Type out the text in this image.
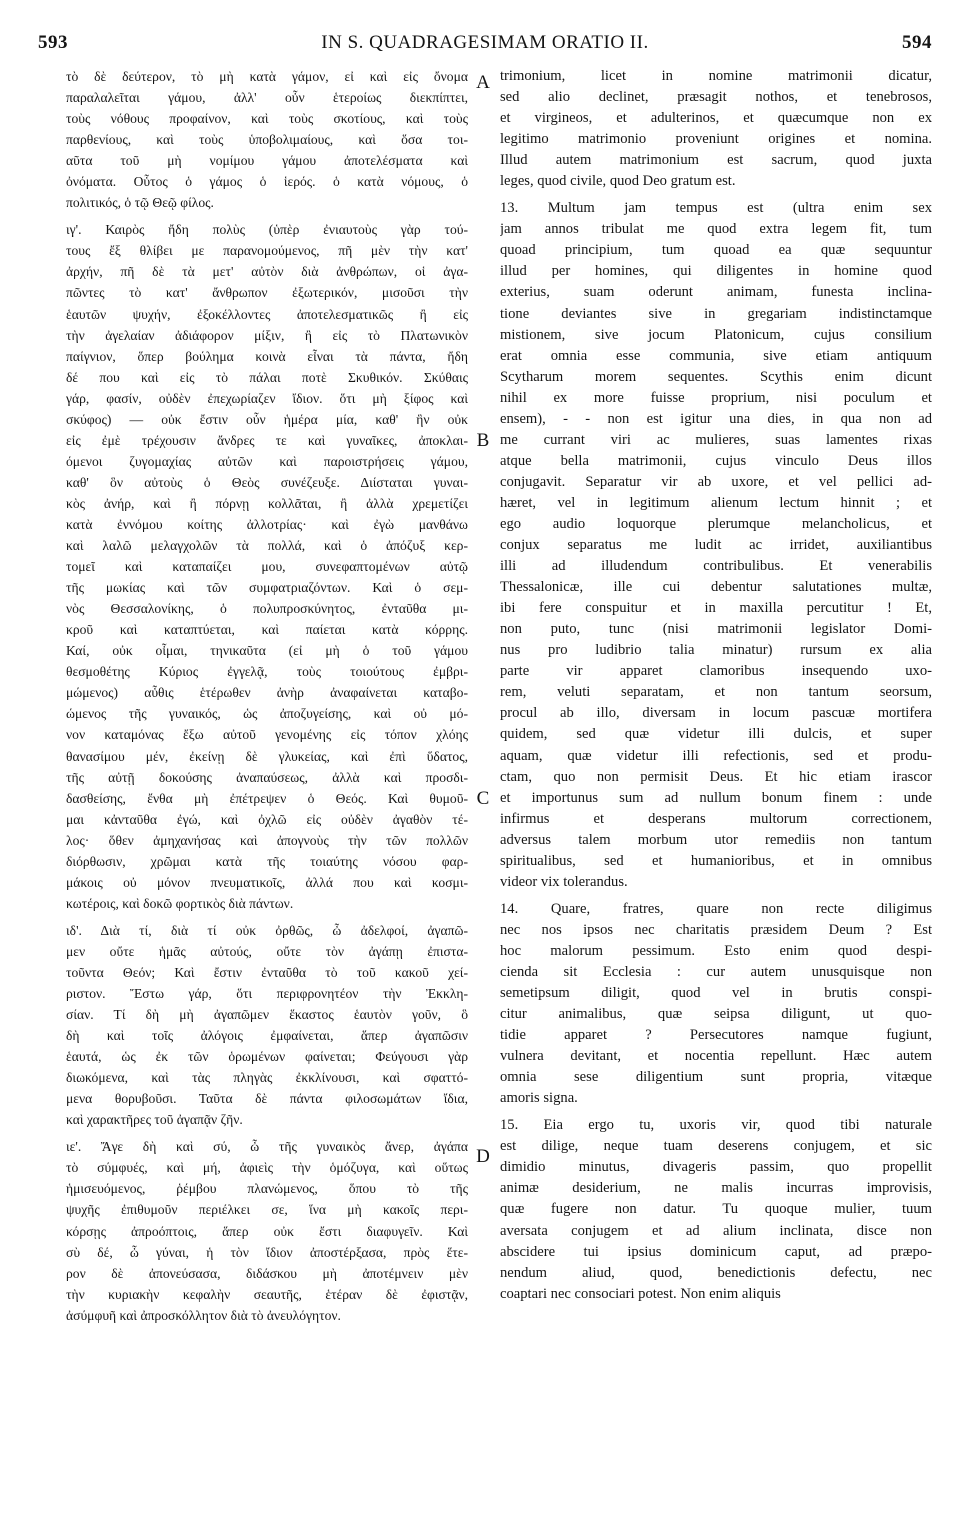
593	IN S. QUADRAGESIMAM ORATIO II.	594
τὸ δὲ δεύτερον, τὸ μὴ κατὰ γάμον, εἰ καὶ εἰς ὄνομα
παραλαλεῖται γάμου, ἀλλ' οὖν ἑτεροίως διεκπίπτει,
τοὺς νόθους προφαίνον, καὶ τοὺς σκοτίους, καὶ τοὺς
παρθενίους, καὶ τοὺς ὑποβολιμαίους, καὶ ὅσα τοι-
αῦτα τοῦ μὴ νομίμου γάμου ἀποτελέσματα καὶ
ὀνόματα. Οὗτος ὁ γάμος ὁ ἱερός. ὁ κατὰ νόμους, ὁ
πολιτικός, ὁ τῷ Θεῷ φίλος.
ιγ'. Καιρὸς ἤδη πολὺς (ὑπὲρ ἐνιαυτοὺς γὰρ τού-
τους ἔξ θλίβει με παρανομούμενος, πῆ μὲν τὴν κατ'
ἀρχήν, πῆ δὲ τὰ μετ' αὐτὸν διὰ ἀνθρώπων, οἱ ἀγα-
πῶντες τὸ κατ' ἄνθρωπον ἐξωτερικόν, μισοῦσι τὴν
ἑαυτῶν ψυχήν, ἐξοκέλλοντες ἀποτελεσματικῶς ἢ εἰς
τὴν ἀγελαίαν ἀδιάφορον μίξιν, ἢ εἰς τὸ Πλατωνικὸν
παίγνιον, ὅπερ βούλημα κοινὰ εἶναι τὰ πάντα, ἤδη
δέ που καὶ εἰς τὸ πάλαι ποτὲ Σκυθικόν. Σκύθαις
γάρ, φασίν, οὐδὲν ἐπεχωρίαζεν ἴδιον. ὅτι μὴ ξίφος καὶ
σκύφος) — οὐκ ἔστιν οὖν ἡμέρα μία, καθ' ἣν οὐκ
εἰς ἐμὲ τρέχουσιν ἄνδρες τε καὶ γυναῖκες, ἀποκλαι-
όμενοι ζυγομαχίας αὐτῶν καὶ παροιστρήσεις γάμου,
καθ' ὃν αὐτοὺς ὁ Θεὸς συνέζευξε. Διίσταται γυναι-
κὸς ἀνήρ, καὶ ἢ πόρνῃ κολλᾶται, ἢ ἀλλὰ χρεμετίζει
κατὰ ἐννόμου κοίτης ἀλλοτρίας· καὶ ἐγὼ μανθάνω
καὶ λαλῶ μελαγχολῶν τὰ πολλά, καὶ ὁ ἀπόζυξ κερ-
τομεῖ καὶ καταπαίζει μου, συνεφαπτομένων αὐτῷ
τῆς μωκίας καὶ τῶν συμφατριαζόντων. Καὶ ὁ σεμ-
νὸς Θεσσαλονίκης, ὁ πολυπροσκύνητος, ἐνταῦθα μι-
κροῦ καὶ καταπτύεται, καὶ παίεται κατὰ κόρρης.
Καί, οὐκ οἶμαι, τηνικαῦτα (εἰ μὴ ὁ τοῦ γάμου
θεσμοθέτης Κύριος ἐγγελᾷ, τοὺς τοιούτους ἐμβρι-
μώμενος) αὖθις ἑτέρωθεν ἀνὴρ ἀναφαίνεται καταβο-
ώμενος τῆς γυναικός, ὡς ἀποζυγείσης, καὶ οὐ μό-
νον καταμόνας ἔξω αὐτοῦ γενομένης εἰς τόπον χλόης
θανασίμου μέν, ἐκείνῃ δὲ γλυκείας, καὶ ἐπὶ ὕδατος,
τῆς αὐτῇ δοκούσης ἀναπαύσεως, ἀλλὰ καὶ προσδι-
δασθείσης, ἔνθα μὴ ἐπέτρεψεν ὁ Θεός. Καὶ θυμοῦ-
μαι κἀνταῦθα ἐγώ, καὶ ὀχλῶ εἰς οὐδὲν ἀγαθὸν τέ-
λος· ὅθεν ἀμηχανήσας καὶ ἀπογνοὺς τὴν τῶν πολλῶν
διόρθωσιν, χρῶμαι κατὰ τῆς τοιαύτης νόσου φαρ-
μάκοις οὐ μόνον πνευματικοῖς, ἀλλά που καὶ κοσμι-
κωτέροις, καὶ δοκῶ φορτικὸς διὰ πάντων.
ιδ'. Διὰ τί, διὰ τί οὐκ ὀρθῶς, ὦ ἀδελφοί, ἀγαπῶ-
μεν οὔτε ἡμᾶς αὐτούς, οὔτε τὸν ἀγάπῃ ἐπιστα-
τοῦντα Θεόν; Καὶ ἔστιν ἐνταῦθα τὸ τοῦ κακοῦ χεί-
ριστον. Ἔστω γάρ, ὅτι περιφρονητέον τὴν Ἐκκλη-
σίαν. Τί δὴ μὴ ἀγαπῶμεν ἕκαστος ἑαυτὸν γοῦν, ὃ
δὴ καὶ τοῖς ἀλόγοις ἐμφαίνεται, ἅπερ ἀγαπῶσιν
ἑαυτά, ὡς ἐκ τῶν ὁρωμένων φαίνεται; Φεύγουσι γὰρ
διωκόμενα, καὶ τὰς πληγὰς ἐκκλίνουσι, καὶ σφαττό-
μενα θορυβοῦσι. Ταῦτα δὲ πάντα φιλοσωμάτων ἴδια,
καὶ χαρακτῆρες τοῦ ἀγαπᾷν ζῆν.
ιε'. Ἄγε δὴ καὶ σύ, ὦ τῆς γυναικὸς ἄνερ, ἀγάπα
τὸ σύμφυές, καὶ μή, ἀφιεὶς τὴν ὁμόζυγα, καὶ οὕτως
ἡμισευόμενος, ῥέμβου πλανώμενος, ὅπου τὸ τῆς
ψυχῆς ἐπιθυμοῦν περιέλκει σε, ἵνα μὴ κακοῖς περι-
κόρσῃς ἀπροόπτοις, ἅπερ οὐκ ἔστι διαφυγεῖν. Καὶ
σὺ δέ, ὦ γύναι, ἡ τὸν ἴδιον ἀποστέρξασα, πρὸς ἕτε-
ρον δὲ ἀπονεύσασα, διδάσκου μὴ ἀποτέμνειν μὲν
τὴν κυριακὴν κεφαλὴν σεαυτῆς, ἑτέραν δὲ ἐφιστᾷν,
ἀσύμφυῆ καὶ ἀπροσκόλλητον διὰ τὸ ἀνευλόγητον.
trimonium, licet in nomine matrimonii dicatur,
sed alio declinet, præsagit nothos, et tenebrosos,
et virgineos, et adulterinos, et quæcumque non ex
legitimo matrimonio proveniunt origines et nomina.
Illud autem matrimonium est sacrum, quod juxta
leges, quod civile, quod Deo gratum est.
13. Multum jam tempus est (ultra enim sex
jam annos tribulat me quod extra legem fit, tum
quoad principium, tum quoad ea quæ sequuntur
illud per homines, qui diligentes in homine quod
exterius, suam oderunt animam, funesta inclina-
tione deviantes sive in gregariam indistinctamque
mistionem, sive jocum Platonicum, cujus consilium
erat omnia esse communia, sive etiam antiquum
Scytharum morem sequentes. Scythis enim dicunt
nihil ex more fuisse proprium, nisi poculum et
ensem), - - non est igitur una dies, in qua non ad
me currant viri ac mulieres, suas lamentes rixas
atque bella matrimonii, cujus vinculo Deus illos
conjugavit. Separatur vir ab uxore, et vel pellici ad-
hæret, vel in legitimum alienum lectum hinnit ; et
ego audio loquorque plerumque melancholicus, et
conjux separatus me ludit ac irridet, auxiliantibus
illi ad illudendum contribulibus. Et venerabilis
Thessalonicæ, ille cui debentur salutationes multæ,
ibi fere conspuitur et in maxilla percutitur ! Et,
non puto, tunc (nisi matrimonii legislator Domi-
nus pro ludibrio talia minatur) rursum ex alia
parte vir apparet clamoribus insequendo uxo-
rem, veluti separatam, et non tantum seorsum,
procul ab illo, diversam in locum pascuæ mortifera
quidem, sed quæ videtur illi dulcis, et super
aquam, quæ videtur illi refectionis, sed et produ-
ctam, quo non permisit Deus. Et hic etiam irascor
et importunus sum ad nullum bonum finem : unde
infirmus et desperans multorum correctionem,
adversus talem morbum utor remediis non tantum
spiritualibus, sed et humanioribus, et in omnibus
videor vix tolerandus.
14. Quare, fratres, quare non recte diligimus
nec nos ipsos nec charitatis præsidem Deum ? Est
hoc malorum pessimum. Esto enim quod despi-
cienda sit Ecclesia : cur autem unusquisque non
semetipsum diligit, quod vel in brutis conspi-
citur animalibus, quæ seipsa diligunt, ut quo-
tidie apparet ? Persecutores namque fugiunt,
vulnera devitant, et nocentia repellunt. Hæc autem
omnia sese diligentium sunt propria, vitæque
amoris signa.
15. Eia ergo tu, uxoris vir, quod tibi naturale
est dilige, neque tuam deserens conjugem, et sic
dimidio minutus, divageris passim, quo propellit
animæ desiderium, ne malis incurras improvisis,
quæ fugere non datur. Tu quoque mulier, tuum
aversata conjugem et ad alium inclinata, disce non
abscidere tui ipsius dominicum caput, ad præpo-
nendum aliud, quod, benedictionis defectu, nec
coaptari nec consociari potest. Non enim aliquis
A
B
C
D
